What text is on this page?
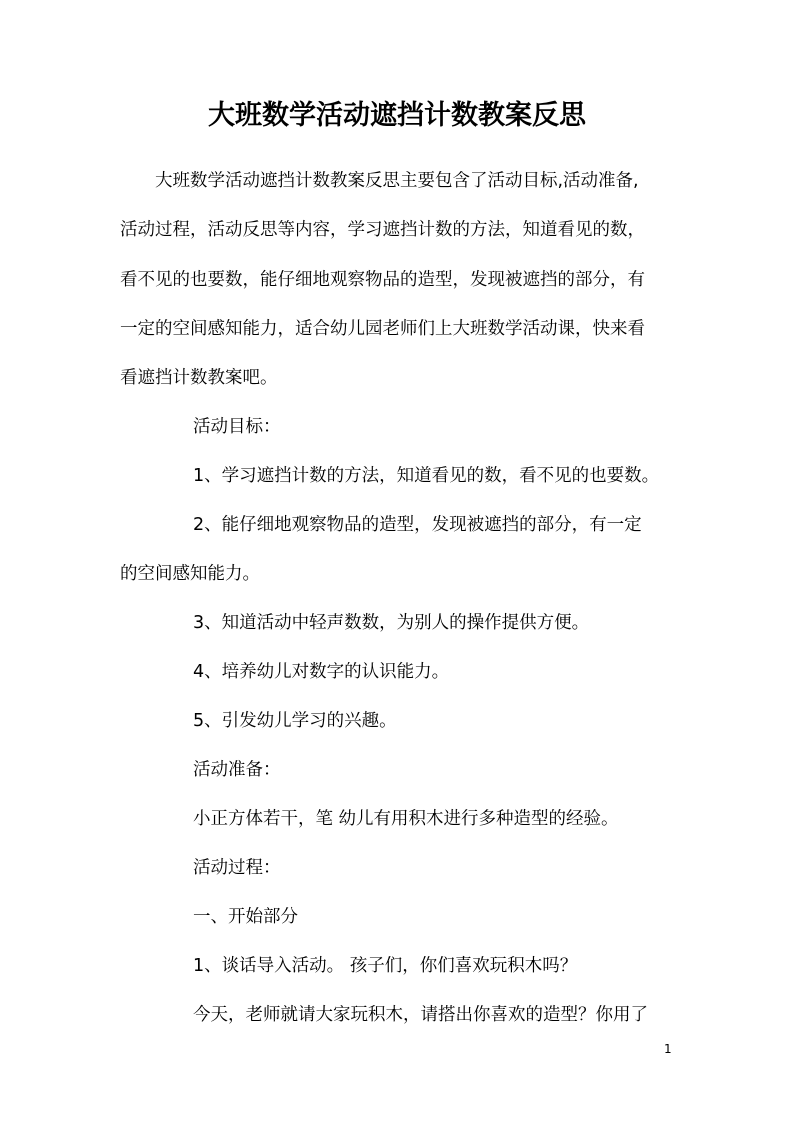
大班数学活动遮挡计数教案反思
大班数学活动遮挡计数教案反思主要包含了活动目标,活动准备,
活动过程，活动反思等内容，学习遮挡计数的方法，知道看见的数，
看不见的也要数，能仔细地观察物品的造型，发现被遮挡的部分，有
一定的空间感知能力，适合幼儿园老师们上大班数学活动课，快来看
看遮挡计数教案吧。
活动目标：
1、学习遮挡计数的方法，知道看见的数，看不见的也要数。
2、能仔细地观察物品的造型，发现被遮挡的部分，有一定
的空间感知能力。
3、知道活动中轻声数数，为别人的操作提供方便。
4、培养幼儿对数字的认识能力。
5、引发幼儿学习的兴趣。
活动准备：
小正方体若干，笔 幼儿有用积木进行多种造型的经验。
活动过程：
一、开始部分
1、谈话导入活动。 孩子们，你们喜欢玩积木吗？
今天，老师就请大家玩积木，请搭出你喜欢的造型？你用了
1
